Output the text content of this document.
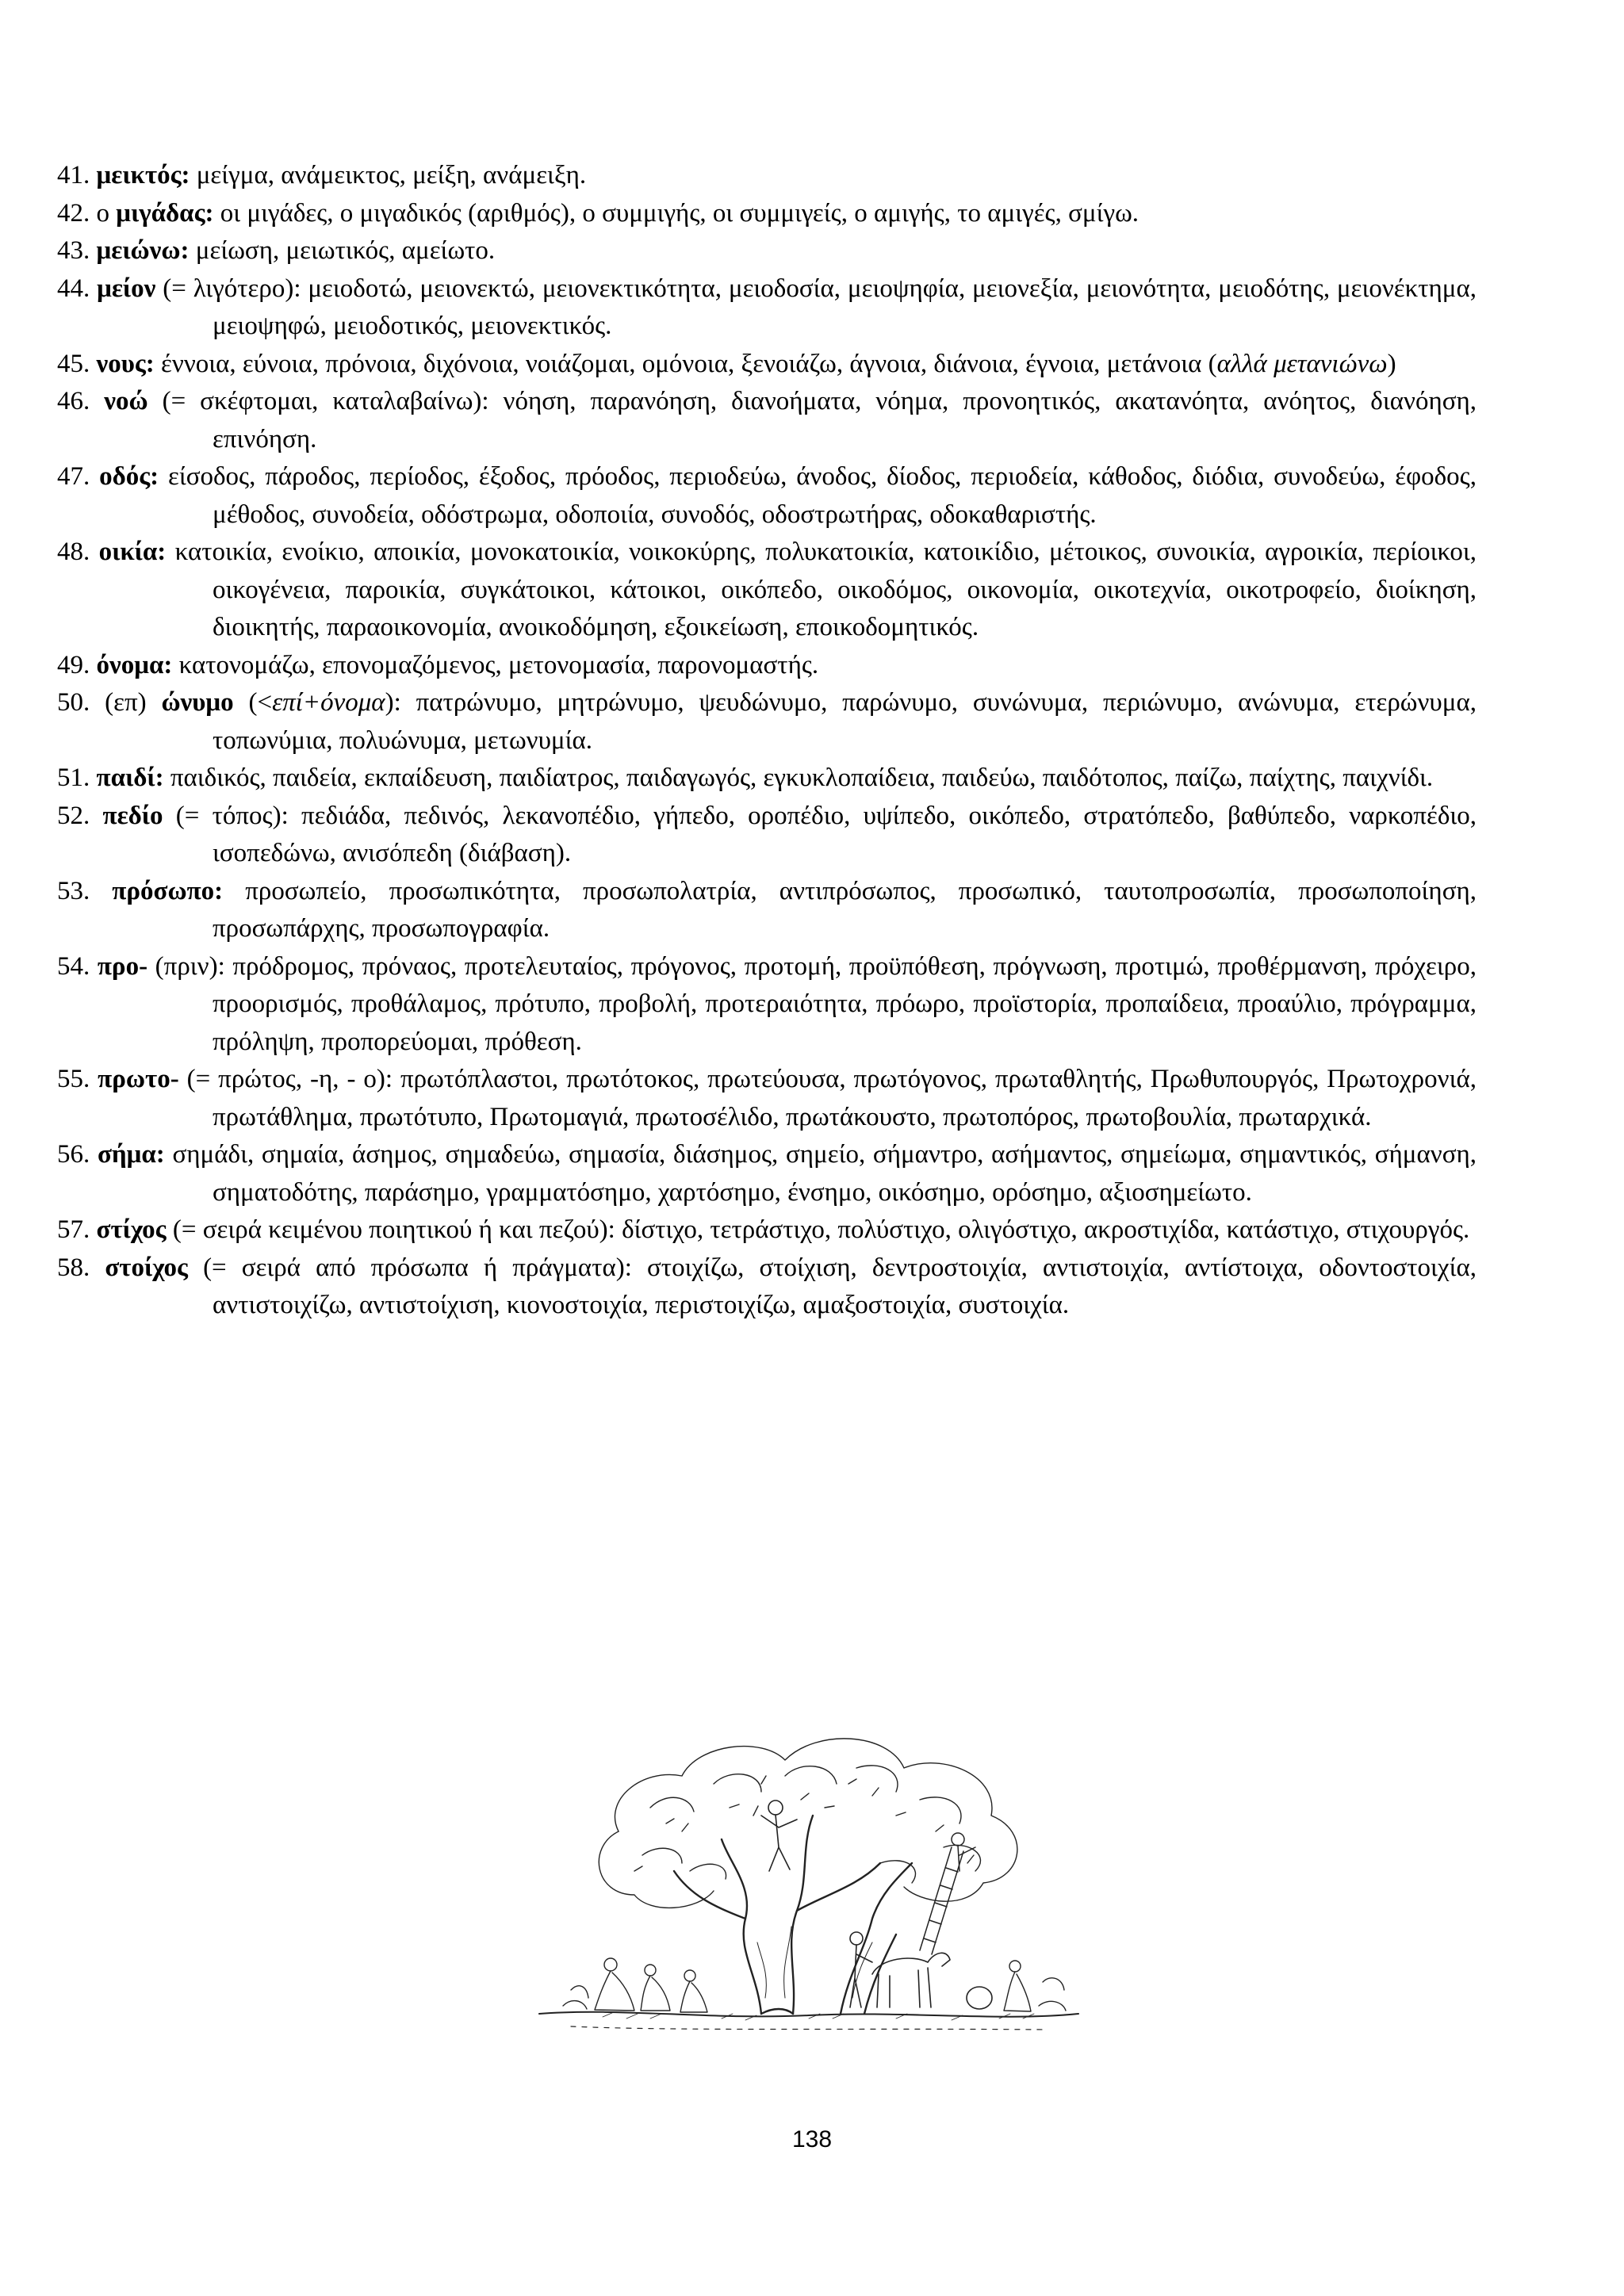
41. μεικτός: μείγμα, ανάμεικτος, μείξη, ανάμειξη.
42. ο μιγάδας: οι μιγάδες, ο μιγαδικός (αριθμός), ο συμμιγής, οι συμμιγείς, ο αμιγής, το αμιγές, σμίγω.
43. μειώνω: μείωση, μειωτικός, αμείωτο.
44. μείον (= λιγότερο): μειοδοτώ, μειονεκτώ, μειονεκτικότητα, μειοδοσία, μειοψηφία, μειονεξία, μειονότητα, μειοδότης, μειονέκτημα, μειοψηφώ, μειοδοτικός, μειονεκτικός.
45. νους: έννοια, εύνοια, πρόνοια, διχόνοια, νοιάζομαι, ομόνοια, ξενοιάζω, άγνοια, διάνοια, έγνοια, μετάνοια (αλλά μετανιώνω)
46. νοώ (= σκέφτομαι, καταλαβαίνω): νόηση, παρανόηση, διανοήματα, νόημα, προνοητικός, ακατανόητα, ανόητος, διανόηση, επινόηση.
47. οδός: είσοδος, πάροδος, περίοδος, έξοδος, πρόοδος, περιοδεύω, άνοδος, δίοδος, περιοδεία, κάθοδος, διόδια, συνοδεύω, έφοδος, μέθοδος, συνοδεία, οδόστρωμα, οδοποιία, συνοδός, οδοστρωτήρας, οδοκαθαριστής.
48. οικία: κατοικία, ενοίκιο, αποικία, μονοκατοικία, νοικοκύρης, πολυκατοικία, κατοικίδιο, μέτοικος, συνοικία, αγροικία, περίοικοι, οικογένεια, παροικία, συγκάτοικοι, κάτοικοι, οικόπεδο, οικοδόμος, οικονομία, οικοτεχνία, οικοτροφείο, διοίκηση, διοικητής, παραοικονομία, ανοικοδόμηση, εξοικείωση, εποικοδομητικός.
49. όνομα: κατονομάζω, επονομαζόμενος, μετονομασία, παρονομαστής.
50. (επ) ώνυμο (<επί+όνομα): πατρώνυμο, μητρώνυμο, ψευδώνυμο, παρώνυμο, συνώνυμα, περιώνυμο, ανώνυμα, ετερώνυμα, τοπωνύμια, πολυώνυμα, μετωνυμία.
51. παιδί: παιδικός, παιδεία, εκπαίδευση, παιδίατρος, παιδαγωγός, εγκυκλοπαίδεια, παιδεύω, παιδότοπος, παίζω, παίχτης, παιχνίδι.
52. πεδίο (= τόπος): πεδιάδα, πεδινός, λεκανοπέδιο, γήπεδο, οροπέδιο, υψίπεδο, οικόπεδο, στρατόπεδο, βαθύπεδο, ναρκοπέδιο, ισοπεδώνω, ανισόπεδη (διάβαση).
53. πρόσωπο: προσωπείο, προσωπικότητα, προσωπολατρία, αντιπρόσωπος, προσωπικό, ταυτοπροσωπία, προσωποποίηση, προσωπάρχης, προσωπογραφία.
54. προ- (πριν): πρόδρομος, πρόναος, προτελευταίος, πρόγονος, προτομή, προϋπόθεση, πρόγνωση, προτιμώ, προθέρμανση, πρόχειρο, προορισμός, προθάλαμος, πρότυπο, προβολή, προτεραιότητα, πρόωρο, προϊστορία, προπαίδεια, προαύλιο, πρόγραμμα, πρόληψη, προπορεύομαι, πρόθεση.
55. πρωτο- (= πρώτος, -η, - ο): πρωτόπλαστοι, πρωτότοκος, πρωτεύουσα, πρωτόγονος, πρωταθλητής, Πρωθυπουργός, Πρωτοχρονιά, πρωτάθλημα, πρωτότυπο, Πρωτομαγιά, πρωτοσέλιδο, πρωτάκουστο, πρωτοπόρος, πρωτοβουλία, πρωταρχικά.
56. σήμα: σημάδι, σημαία, άσημος, σημαδεύω, σημασία, διάσημος, σημείο, σήμαντρο, ασήμαντος, σημείωμα, σημαντικός, σήμανση, σηματοδότης, παράσημο, γραμματόσημο, χαρτόσημο, ένσημο, οικόσημο, ορόσημο, αξιοσημείωτο.
57. στίχος (= σειρά κειμένου ποιητικού ή και πεζού): δίστιχο, τετράστιχο, πολύστιχο, ολιγόστιχο, ακροστιχίδα, κατάστιχο, στιχουργός.
58. στοίχος (= σειρά από πρόσωπα ή πράγματα): στοιχίζω, στοίχιση, δεντροστοιχία, αντιστοιχία, αντίστοιχα, οδοντοστοιχία, αντιστοιχίζω, αντιστοίχιση, κιονοστοιχία, περιστοιχίζω, αμαξοστοιχία, συστοιχία.
138
